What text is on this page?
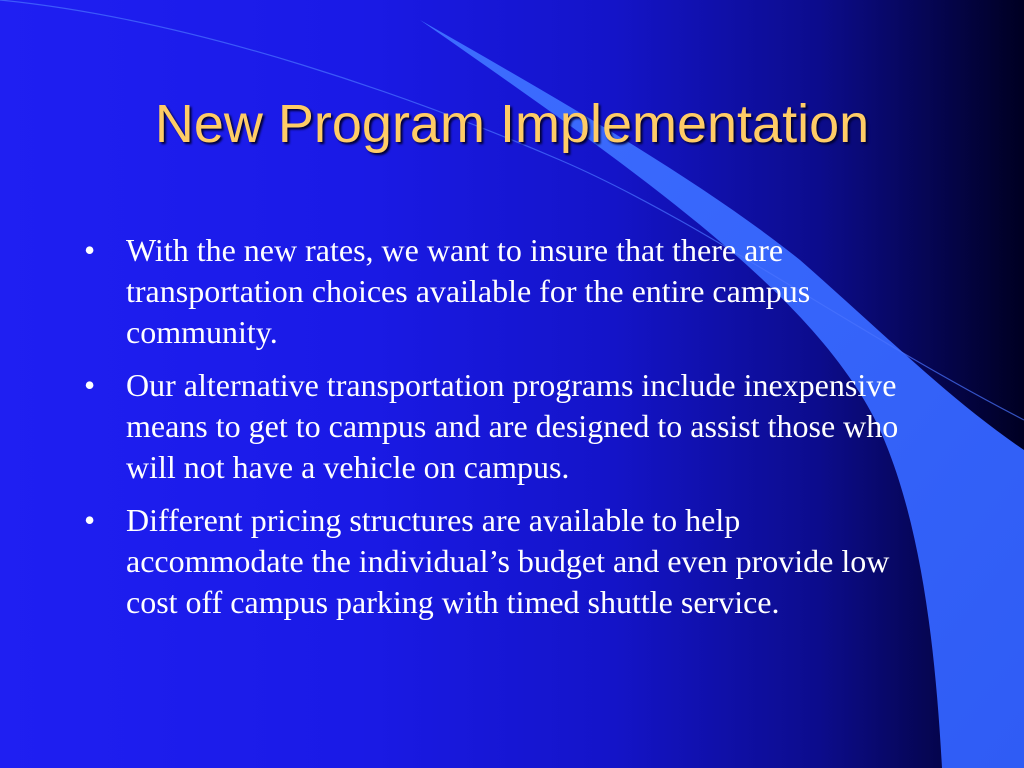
New Program Implementation
• With the new rates, we want to insure that there are transportation choices available for the entire campus community.
• Our alternative transportation programs include inexpensive means to get to campus and are designed to assist those who will not have a vehicle on campus.
• Different pricing structures are available to help accommodate the individual’s budget and even provide low cost off campus parking with timed shuttle service.
